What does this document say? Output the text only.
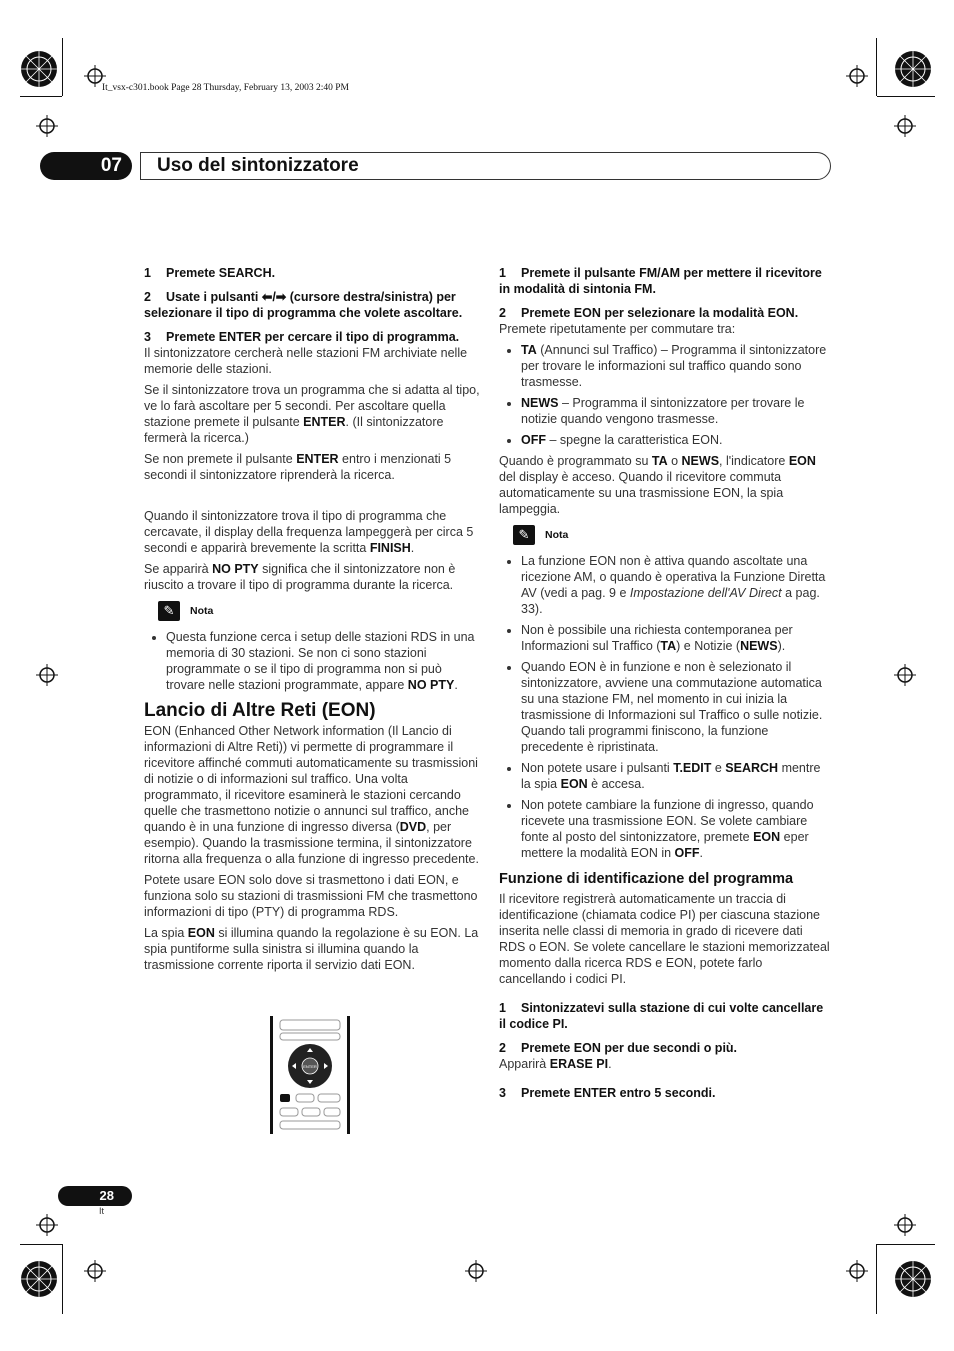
It_vsx-c301.book Page 28 Thursday, February 13, 2003 2:40 PM
07	Uso del sintonizzatore

1 Premete SEARCH.

2 Usate i pulsanti ⬅/➡ (cursore destra/sinistra) per selezionare il tipo di programma che volete ascoltare.

3 Premete ENTER per cercare il tipo di programma.

Il sintonizzatore cercherà nelle stazioni FM archiviate nelle memorie delle stazioni.

Se il sintonizzatore trova un programma che si adatta al tipo, ve lo farà ascoltare per 5 secondi. Per ascoltare quella stazione premete il pulsante ENTER. (Il sintonizzatore fermerà la ricerca.)

Se non premete il pulsante ENTER entro i menzionati 5 secondi il sintonizzatore riprenderà la ricerca.

Quando il sintonizzatore trova il tipo di programma che cercavate, il display della frequenza lampeggerà per circa 5 secondi e apparirà brevemente la scritta FINISH.

Se apparirà NO PTY significa che il sintonizzatore non è riuscito a trovare il tipo di programma durante la ricerca.

✎	Nota
• Questa funzione cerca i setup delle stazioni RDS in una memoria di 30 stazioni. Se non ci sono stazioni programmate o se il tipo di programma non si può trovare nelle stazioni programmate, appare NO PTY.
Lancio di Altre Reti (EON)

EON (Enhanced Other Network information (Il Lancio di informazioni di Altre Reti)) vi permette di programmare il ricevitore affinché commuti automaticamente su trasmissioni di notizie o di informazioni sul traffico. Una volta programmato, il ricevitore esaminerà le stazioni cercando quelle che trasmettono notizie o annunci sul traffico, anche quando è in una funzione di ingresso diversa (DVD, per esempio). Quando la trasmissione termina, il sintonizzatore ritorna alla frequenza o alla funzione di ingresso precedente.

Potete usare EON solo dove si trasmettono i dati EON, e funziona solo su stazioni di trasmissioni FM che trasmettono informazioni di tipo (PTY) di programma RDS.

La spia EON si illumina quando la regolazione è su EON. La spia puntiforme sulla sinistra si illumina quando la trasmissione corrente riporta il servizio dati EON.

ENTER

1 Premete il pulsante FM/AM per mettere il ricevitore in modalità di sintonia FM.

2 Premete EON per selezionare la modalità EON.

Premete ripetutamente per commutare tra:

• TA (Annunci sul Traffico) – Programma il sintonizzatore per trovare le informazioni sul traffico quando sono trasmesse.
• NEWS – Programma il sintonizzatore per trovare le notizie quando vengono trasmesse.
• OFF – spegne la caratteristica EON.

Quando è programmato su TA o NEWS, l'indicatore EON del display è acceso. Quando il ricevitore commuta automaticamente su una trasmissione EON, la spia lampeggia.

✎	Nota
• La funzione EON non è attiva quando ascoltate una ricezione AM, o quando è operativa la Funzione Diretta AV (vedi a pag. 9 e Impostazione dell'AV Direct a pag. 33).
• Non è possibile una richiesta contemporanea per Informazioni sul Traffico (TA) e Notizie (NEWS).
• Quando EON è in funzione e non è selezionato il sintonizzatore, avviene una commutazione automatica su una stazione FM, nel momento in cui inizia la trasmissione di Informazioni sul Traffico o sulle notizie. Quando tali programmi finiscono, la funzione precedente è ripristinata.
• Non potete usare i pulsanti T.EDIT e SEARCH mentre la spia EON è accesa.
• Non potete cambiare la funzione di ingresso, quando ricevete una trasmissione EON. Se volete cambiare fonte al posto del sintonizzatore, premete EON eper mettere la modalità EON in OFF.
Funzione di identificazione del programma

Il ricevitore registrerà automaticamente un traccia di identificazione (chiamata codice PI) per ciascuna stazione inserita nelle classi di memoria in grado di ricevere dati RDS o EON. Se volete cancellare le stazioni memorizzateal momento dalla ricerca RDS e EON, potete farlo cancellando i codici PI.

1 Sintonizzatevi sulla stazione di cui volte cancellare il codice PI.

2 Premete EON per due secondi o più.

Apparirà ERASE PI.

3 Premete ENTER entro 5 secondi.

28
It
